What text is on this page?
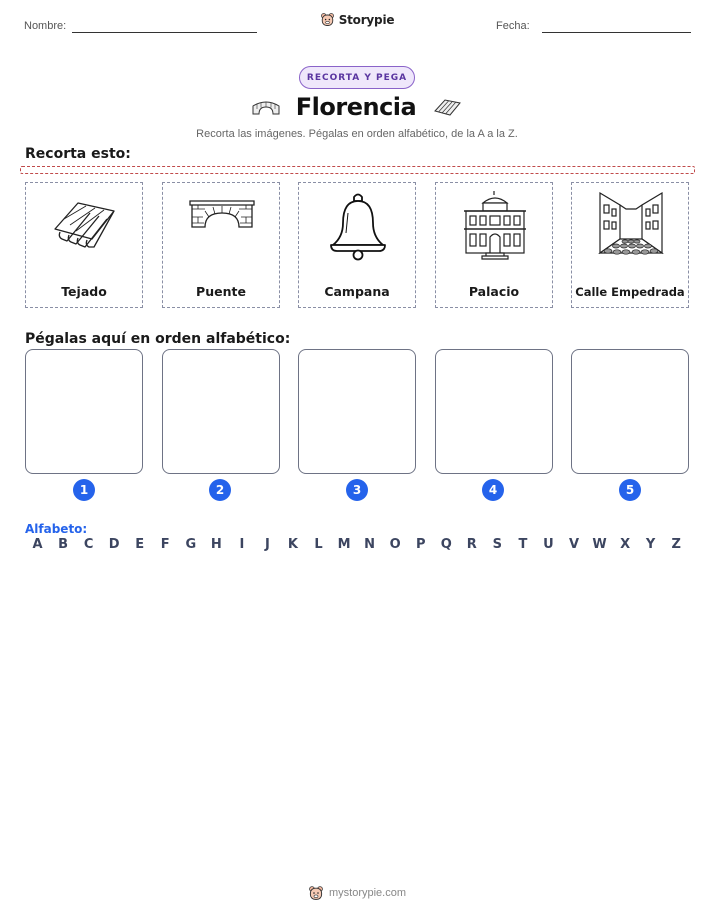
Nombre:	Fecha:
Storypie
RECORTA Y PEGA
Florencia
Recorta las imágenes. Pégalas en orden alfabético, de la A a la Z.
Recorta esto:
Tejado	Puente	Campana	Palacio	Calle Empedrada
Pégalas aquí en orden alfabético:
1	2	3	4	5
Alfabeto:
A	B	C	D	E	F	G	H	I	J	K	L	M	N	O	P	Q	R	S	T	U	V	W	X	Y	Z
mystorypie.com
